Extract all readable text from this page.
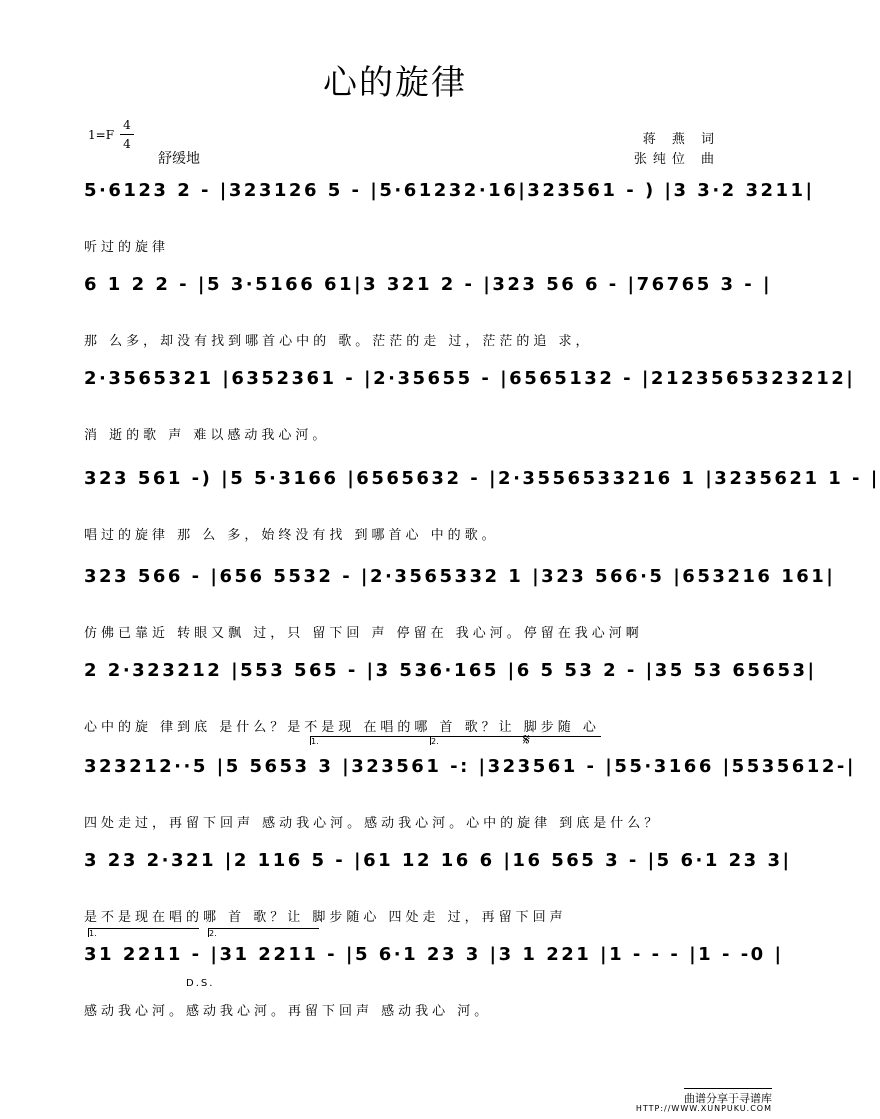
心的旋律
1=F
4
4
舒缓地
蒋 燕 词
张纯位 曲
5·6123 2 - |323126 5 - |5·61232·16|323561 - ) |3 3·2 3211|
听过的旋律
6 1 2 2 - |5 3·5166 61|3 321 2 - |323 56 6 - |76765 3 - |
那 么多，却没有找到哪首心中的 歌。茫茫的走 过，茫茫的追 求，
2·3565321 |6352361 - |2·35655 - |6565132 - |2123565323212|
消 逝的歌 声 难以感动我心河。
323 561 -) |5 5·3166 |6565632 - |2·3556533216 1 |3235621 1 - |
唱过的旋律 那 么 多，始终没有找 到哪首心 中的歌。
323 566 - |656 5532 - |2·3565332 1 |323 566·5 |653216 161|
仿佛已靠近 转眼又飘 过，只 留下回 声 停留在 我心河。停留在我心河啊
2 2·323212 |553 565 - |3 536·165 |6 5 53 2 - |35 53 65653|
心中的旋 律到底 是什么？是不是现 在唱的哪 首 歌？让 脚步随 心
1.	2.
323212··5 |5 5653 3 |323561 -: |323561 - |55·3166 |5535612-|
四处走过，再留下回声 感动我心河。感动我心河。心中的旋律 到底是什么？
𝄋
3 23 2·321 |2 116 5 - |61 12 16 6 |16 565 3 - |5 6·1 23 3|
是不是现在唱的哪 首 歌？让 脚步随心 四处走 过，再留下回声
1.	2.
31 2211 - |31 2211 - |5 6·1 23 3 |3 1 221 |1 - - - |1 - -0 |
感动我心河。感动我心河。再留下回声 感动我心 河。
D.S.
曲谱分享于寻谱库
HTTP://WWW.XUNPUKU.COM
